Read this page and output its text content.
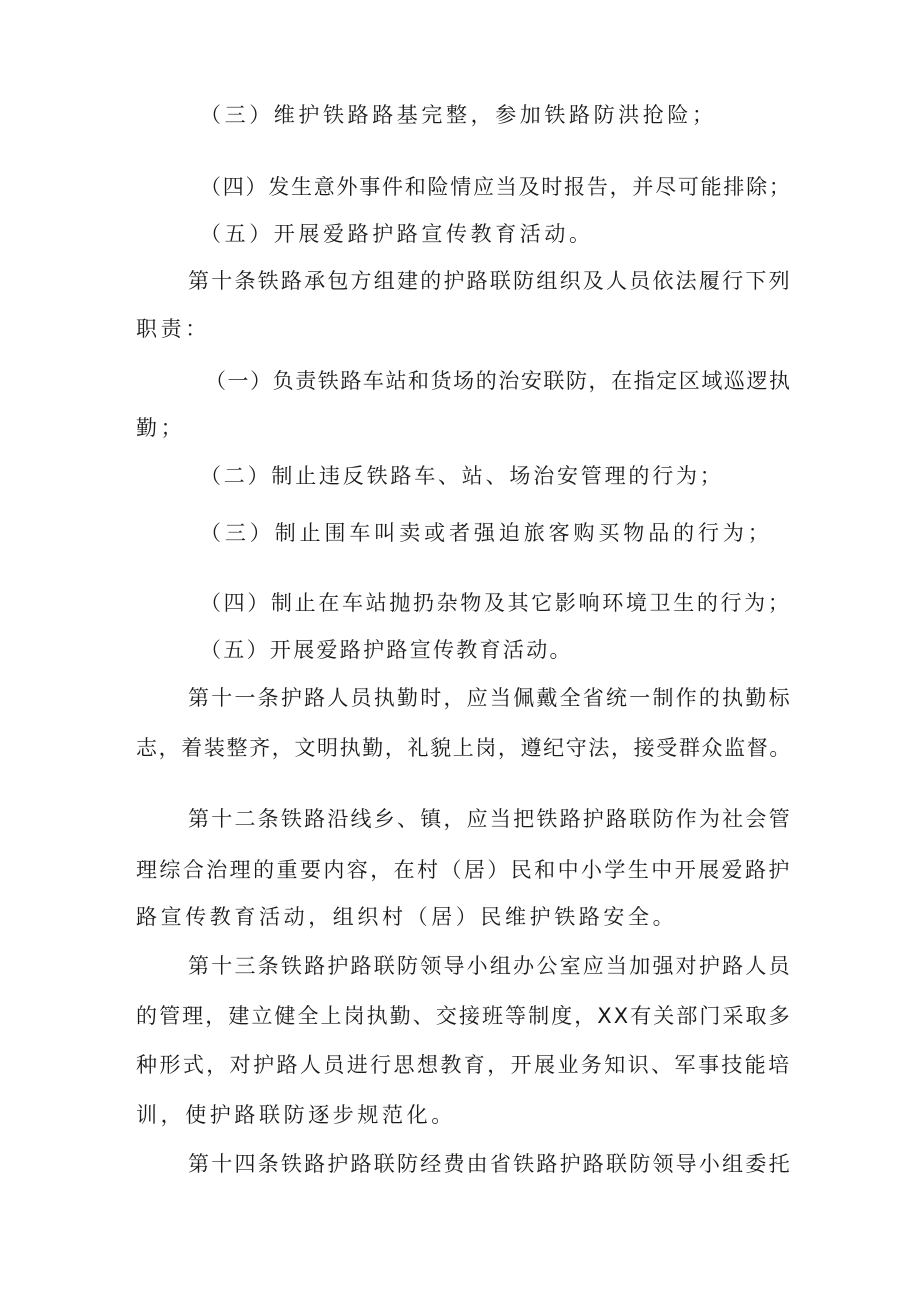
（三）维护铁路路基完整，参加铁路防洪抢险；
（四）发生意外事件和险情应当及时报告，并尽可能排除；
（五）开展爱路护路宣传教育活动。
第十条铁路承包方组建的护路联防组织及人员依法履行下列
职责：
（一）负责铁路车站和货场的治安联防，在指定区域巡逻执
勤；
（二）制止违反铁路车、站、场治安管理的行为；
（三）制止围车叫卖或者强迫旅客购买物品的行为；
（四）制止在车站抛扔杂物及其它影响环境卫生的行为；
（五）开展爱路护路宣传教育活动。
第十一条护路人员执勤时，应当佩戴全省统一制作的执勤标
志，着装整齐，文明执勤，礼貌上岗，遵纪守法，接受群众监督。
第十二条铁路沿线乡、镇，应当把铁路护路联防作为社会管
理综合治理的重要内容，在村（居）民和中小学生中开展爱路护
路宣传教育活动，组织村（居）民维护铁路安全。
第十三条铁路护路联防领导小组办公室应当加强对护路人员
的管理，建立健全上岗执勤、交接班等制度，XX有关部门采取多
种形式，对护路人员进行思想教育，开展业务知识、军事技能培
训，使护路联防逐步规范化。
第十四条铁路护路联防经费由省铁路护路联防领导小组委托
